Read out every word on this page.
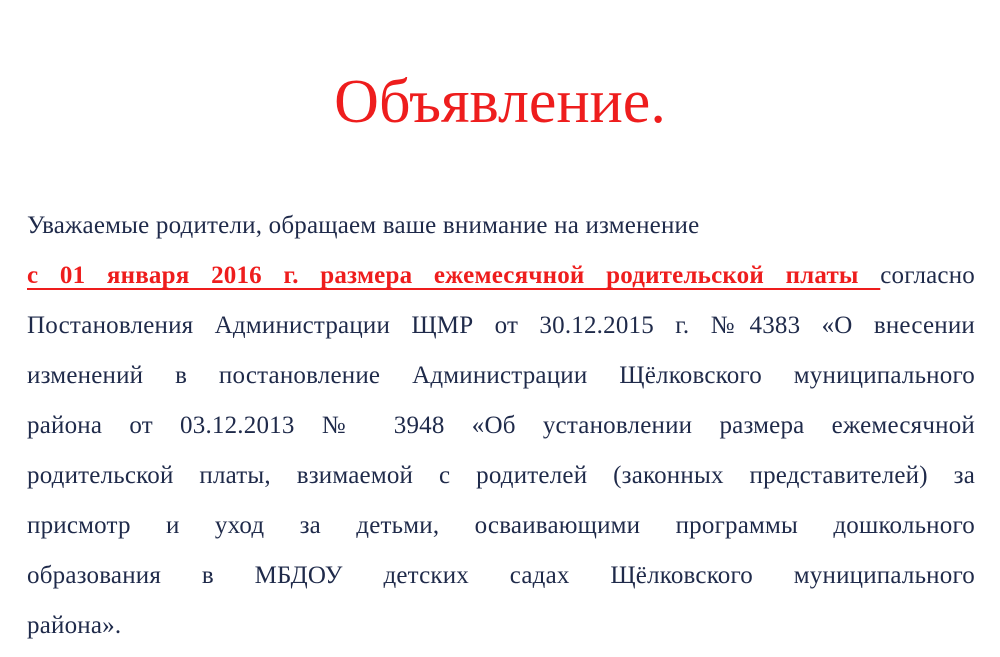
Объявление.
Уважаемые родители, обращаем ваше внимание на изменение
с 01 января 2016 г. размера ежемесячной родительской платы согласно
Постановления Администрации ЩМР от 30.12.2015 г. №4383 «О внесении
изменений в постановление Администрации Щёлковского муниципального
района от 03.12.2013 № 3948 «Об установлении размера ежемесячной
родительской платы, взимаемой с родителей (законных представителей) за
присмотр и уход за детьми, осваивающими программы дошкольного
образования в МБДОУ детских садах Щёлковского муниципального
района».
